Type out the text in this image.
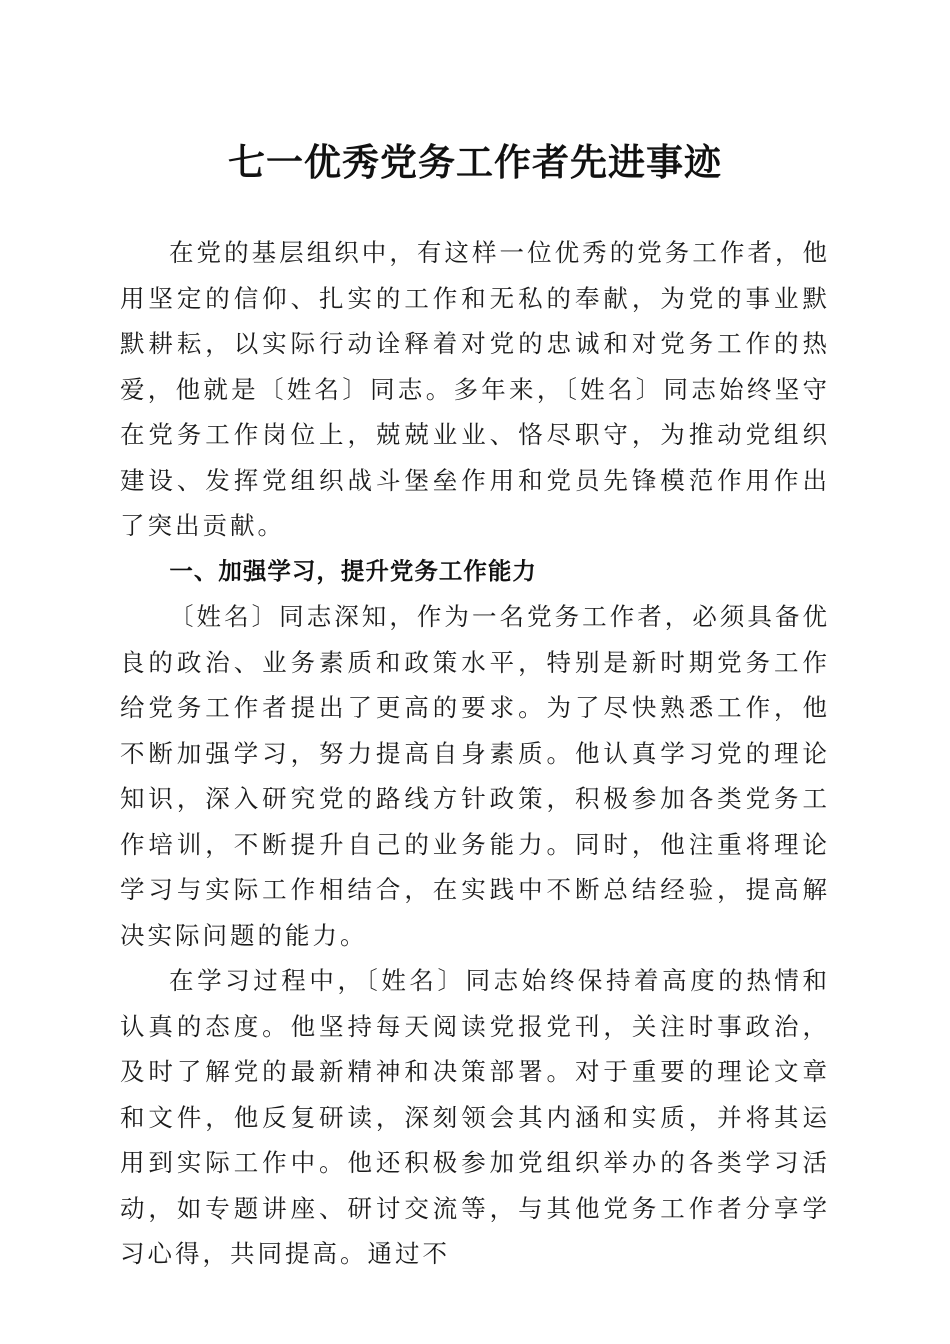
七一优秀党务工作者先进事迹

在党的基层组织中，有这样一位优秀的党务工作者，他用坚定的信仰、扎实的工作和无私的奉献，为党的事业默默耕耘，以实际行动诠释着对党的忠诚和对党务工作的热爱，他就是〔姓名〕同志。多年来，〔姓名〕同志始终坚守在党务工作岗位上，兢兢业业、恪尽职守，为推动党组织建设、发挥党组织战斗堡垒作用和党员先锋模范作用作出了突出贡献。

一、加强学习，提升党务工作能力

〔姓名〕同志深知，作为一名党务工作者，必须具备优良的政治、业务素质和政策水平，特别是新时期党务工作给党务工作者提出了更高的要求。为了尽快熟悉工作，他不断加强学习，努力提高自身素质。他认真学习党的理论知识，深入研究党的路线方针政策，积极参加各类党务工作培训，不断提升自己的业务能力。同时，他注重将理论学习与实际工作相结合，在实践中不断总结经验，提高解决实际问题的能力。

在学习过程中，〔姓名〕同志始终保持着高度的热情和认真的态度。他坚持每天阅读党报党刊，关注时事政治，及时了解党的最新精神和决策部署。对于重要的理论文章和文件，他反复研读，深刻领会其内涵和实质，并将其运用到实际工作中。他还积极参加党组织举办的各类学习活动，如专题讲座、研讨交流等，与其他党务工作者分享学习心得，共同提高。通过不
